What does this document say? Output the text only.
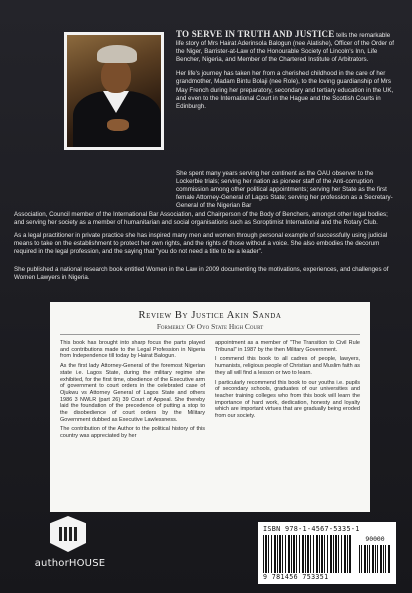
TO SERVE IN TRUTH AND JUSTICE tells the remarkable life story of Mrs Hairat Aderinsola Balogun (nee Alatishe), Officer of the Order of the Niger, Barrister-at-Law of the Honourable Society of Lincoln's Inn, Life Bencher, Nigeria, and Member of the Chartered Institute of Arbitrators.

Her life's journey has taken her from a cherished childhood in the care of her grandmother, Madam Bintu Bolaji (nee Role), to the loving guardianship of Mrs May French during her preparatory, secondary and tertiary education in the UK, and even to the International Court in the Hague and the Scottish Courts in Edinburgh.

She spent many years serving her continent as the OAU observer to the Lockerbie trials; serving her nation as pioneer staff of the Anti-corruption commission among other political appointments; serving her State as the first female Attorney-General of Lagos State; serving her profession as a Secretary-General of the Nigerian Bar
Association, Council member of the International Bar Association, and Chairperson of the Body of Benchers, amongst other legal bodies; and serving her society as a member of humanitarian and social organisations such as Soroptimist International and the Rotary Club.
As a legal practitioner in private practice she has inspired many men and women through personal example of successfully using judicial means to take on the establishment to protect her own rights, and the rights of those without a voice. She also embodies the decorum required in the legal profession, and the saying that "you do not need a title to be a leader".
She published a national research book entitled Women in the Law in 2009 documenting the motivations, experiences, and challenges of Women Lawyers in Nigeria.
Review By Justice Akin Sanda
Formerly Of Oyo State High Court

This book has brought into sharp focus the parts played and contributions made to the Legal Profession in Nigeria from Independence till today by Hairat Balogun.

As the first lady Attorney-General of the foremost Nigerian state i.e. Lagos State, during the military regime she exhibited, for the first time, obedience of the Executive arm of government to court orders in the celebrated case of Ojukwu vs Attorney General of Lagos State and others 1986 3 NWLR (part 26) 39 Court of Appeal. She thereby laid the foundation of the precedence of putting a stop to the disobedience of court orders by the Military Government dubbed as Executive Lawlessness.

The contribution of the Author to the political history of this country was appreciated by her

appointment as a member of "The Transition to Civil Rule Tribunal" in 1987 by the then Military Government.

I commend this book to all cadres of people, lawyers, humanists, religious people of Christian and Muslim faith as they all will find a lesson or two to learn.

I particularly recommend this book to our youths i.e. pupils of secondary schools, graduates of our universities and teacher training colleges who from this book will learn the importance of hard work, dedication, honesty and loyalty which are important virtues that are gradually being eroded from our society.

authorHOUSE
ISBN 978-1-4567-5335-1
90000
9 781456 753351
